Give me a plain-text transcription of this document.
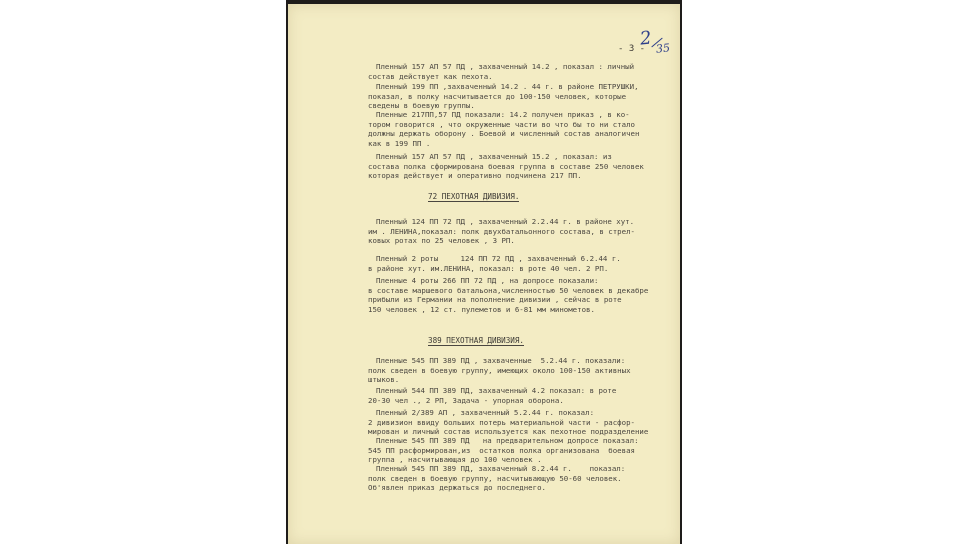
- 3 -
2 35
Пленный 157 АП 57 ПД , захваченный 14.2 , показал : личный
состав действует как пехота.
Пленный 199 ПП ,захваченный 14.2 . 44 г. в районе ПЕТРУШКИ,
показал, в полку насчитывается до 100-150 человек, которые
сведены в боевую группы.
Пленные 217ПП,57 ПД показали: 14.2 получен приказ , в ко-
тором говорится , что окруженные части во что бы то ни стало
должны держать оборону . Боевой и численный состав аналогичен
как в 199 ПП .
Пленный 157 АП 57 ПД , захваченный 15.2 , показал: из
состава полка сформирована боевая группа в составе 250 человек
которая действует и оперативно подчинена 217 ПП.
72 ПЕХОТНАЯ ДИВИЗИЯ.
Пленный 124 ПП 72 ПД , захваченный 2.2.44 г. в районе хут.
им . ЛЕНИНА,показал: полк двухбатальонного состава, в стрел-
ковых ротах по 25 человек , 3 РП.
Пленный 2 роты     124 ПП 72 ПД , захваченный 6.2.44 г.
в районе хут. им.ЛЕНИНА, показал: в роте 40 чел. 2 РП.
Пленные 4 роты 266 ПП 72 ПД , на допросе показали:
в составе маршевого батальона,численностью 50 человек в декабре
прибыли из Германии на пополнение дивизии , сейчас в роте
150 человек , 12 ст. пулеметов и 6-81 мм минометов.
389 ПЕХОТНАЯ ДИВИЗИЯ.
Пленные 545 ПП 389 ПД , захваченные  5.2.44 г. показали:
полк сведен в боевую группу, имеющих около 100-150 активных
штыков.
Пленный 544 ПП 389 ПД, захваченный 4.2 показал: в роте
20-30 чел ., 2 РП, Задача - упорная оборона.
Пленный 2/389 АП , захваченный 5.2.44 г. показал:
2 дивизион ввиду больших потерь материальной части - расфор-
мирован и личный состав используется как пехотное подразделение
Пленные 545 ПП 389 ПД   на предварительном допросе показал:
545 ПП расформирован,из  остатков полка организована  боевая
группа , насчитывающая до 100 человек .
Пленный 545 ПП 389 ПД, захваченный 8.2.44 г.    показал:
полк сведен в боевую группу, насчитывающую 50-60 человек.
Об'явлен приказ держаться до последнего.
